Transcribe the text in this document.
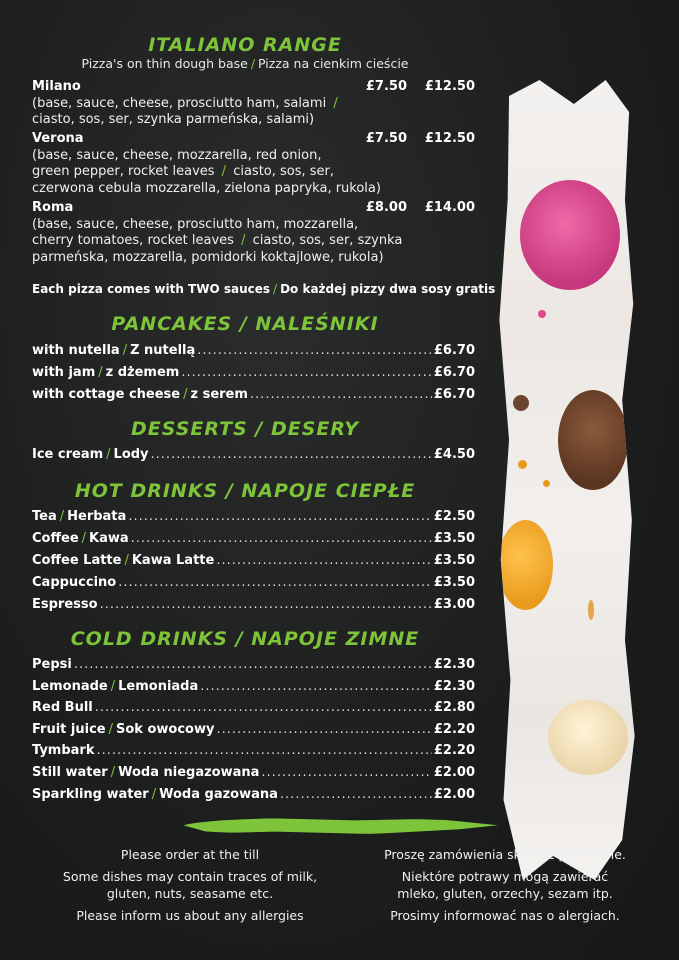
ITALIANO RANGE
Pizza's on thin dough base / Pizza na cienkim cieście
Milano	£7.50 £12.50
(base, sauce, cheese, prosciutto ham, salami /
ciasto, sos, ser, szynka parmeńska, salami)
Verona	£7.50 £12.50
(base, sauce, cheese, mozzarella, red onion,
green pepper, rocket leaves / ciasto, sos, ser,
czerwona cebula mozzarella, zielona papryka, rukola)
Roma	£8.00 £14.00
(base, sauce, cheese, prosciutto ham, mozzarella,
cherry tomatoes, rocket leaves / ciasto, sos, ser, szynka
parmeńska, mozzarella, pomidorki koktajlowe, rukola)
Each pizza comes with TWO sauces / Do każdej pizzy dwa sosy gratis
PANCAKES / NALEŚNIKI
with nutella / Z nutellą .....	£6.70
with jam / z dżemem .....	£6.70
with cottage cheese / z serem .....	£6.70
DESSERTS / DESERY
Ice cream / Lody .....	£4.50
HOT DRINKS / NAPOJE CIEPŁE
Tea / Herbata .....	£2.50
Coffee / Kawa .....	£3.50
Coffee Latte / Kawa Latte .....	£3.50
Cappuccino .....	£3.50
Espresso .....	£3.00
COLD DRINKS / NAPOJE ZIMNE
Pepsi .....	£2.30
Lemonade / Lemoniada .....	£2.30
Red Bull .....	£2.80
Fruit juice / Sok owocowy .....	£2.20
Tymbark .....	£2.20
Still water / Woda niegazowana .....	£2.00
Sparkling water / Woda gazowana .....	£2.00
Please order at the till
Some dishes may contain traces of milk,
gluten, nuts, seasame etc.
Please inform us about any allergies
Proszę zamówienia składac przy kasie.
Niektóre potrawy mogą zawierać
mleko, gluten, orzechy, sezam itp.
Prosimy informować nas o alergiach.
